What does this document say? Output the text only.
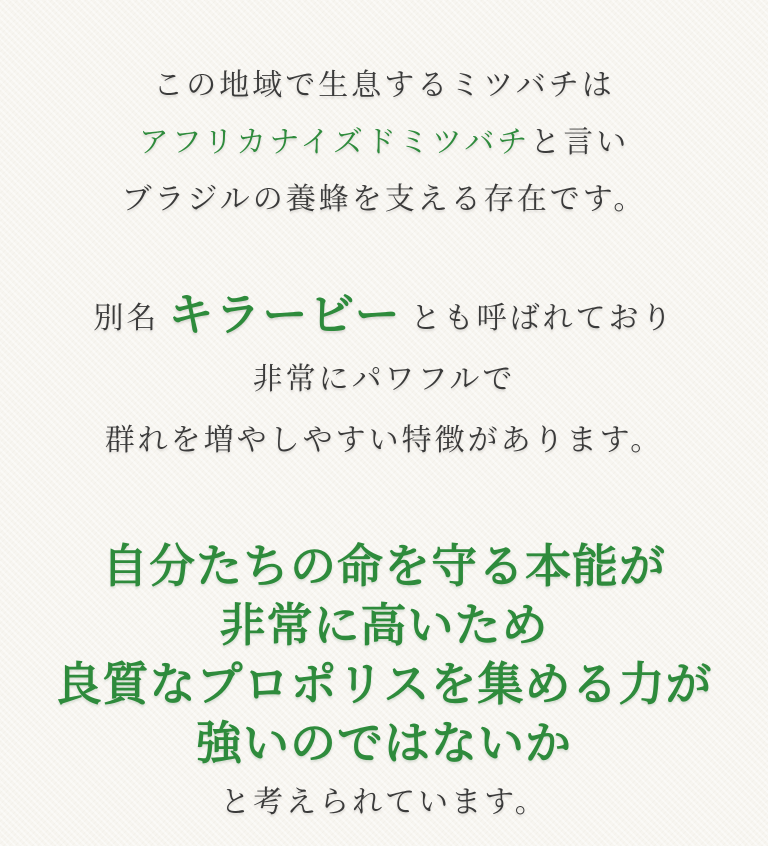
この地域で生息するミツバチは
アフリカナイズドミツバチと言い
ブラジルの養蜂を支える存在です。
別名 キラービー とも呼ばれており
非常にパワフルで
群れを増やしやすい特徴があります。
自分たちの命を守る本能が
非常に高いため
良質なプロポリスを集める力が
強いのではないか
と考えられています。
